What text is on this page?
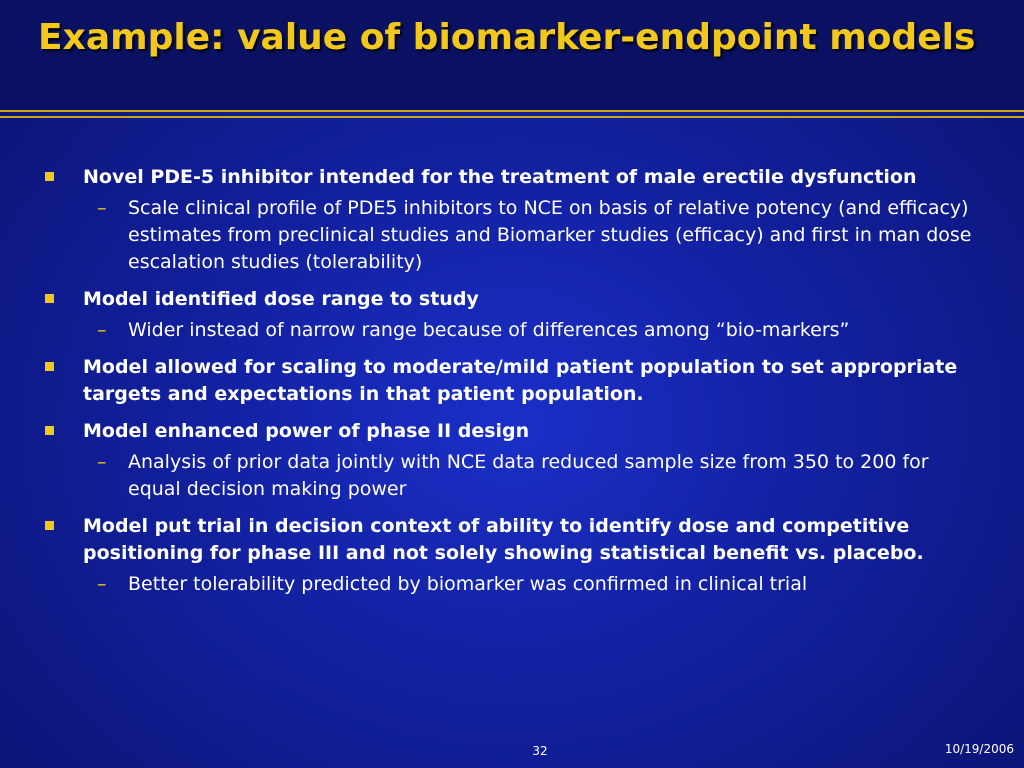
Example: value of biomarker-endpoint models
Novel PDE-5 inhibitor intended for the treatment of male erectile dysfunction
– Scale clinical profile of PDE5 inhibitors to NCE on basis of relative potency (and efficacy) estimates from preclinical studies and Biomarker studies (efficacy) and first in man dose escalation studies (tolerability)
Model identified dose range to study
– Wider instead of narrow range because of differences among “bio-markers”
Model allowed for scaling to moderate/mild patient population to set appropriate targets and expectations in that patient population.
Model enhanced power of phase II design
– Analysis of prior data jointly with NCE data reduced sample size from 350 to 200 for equal decision making power
Model put trial in decision context of ability to identify dose and competitive positioning for phase III and not solely showing statistical benefit vs. placebo.
– Better tolerability predicted by biomarker was confirmed in clinical trial
32	10/19/2006
